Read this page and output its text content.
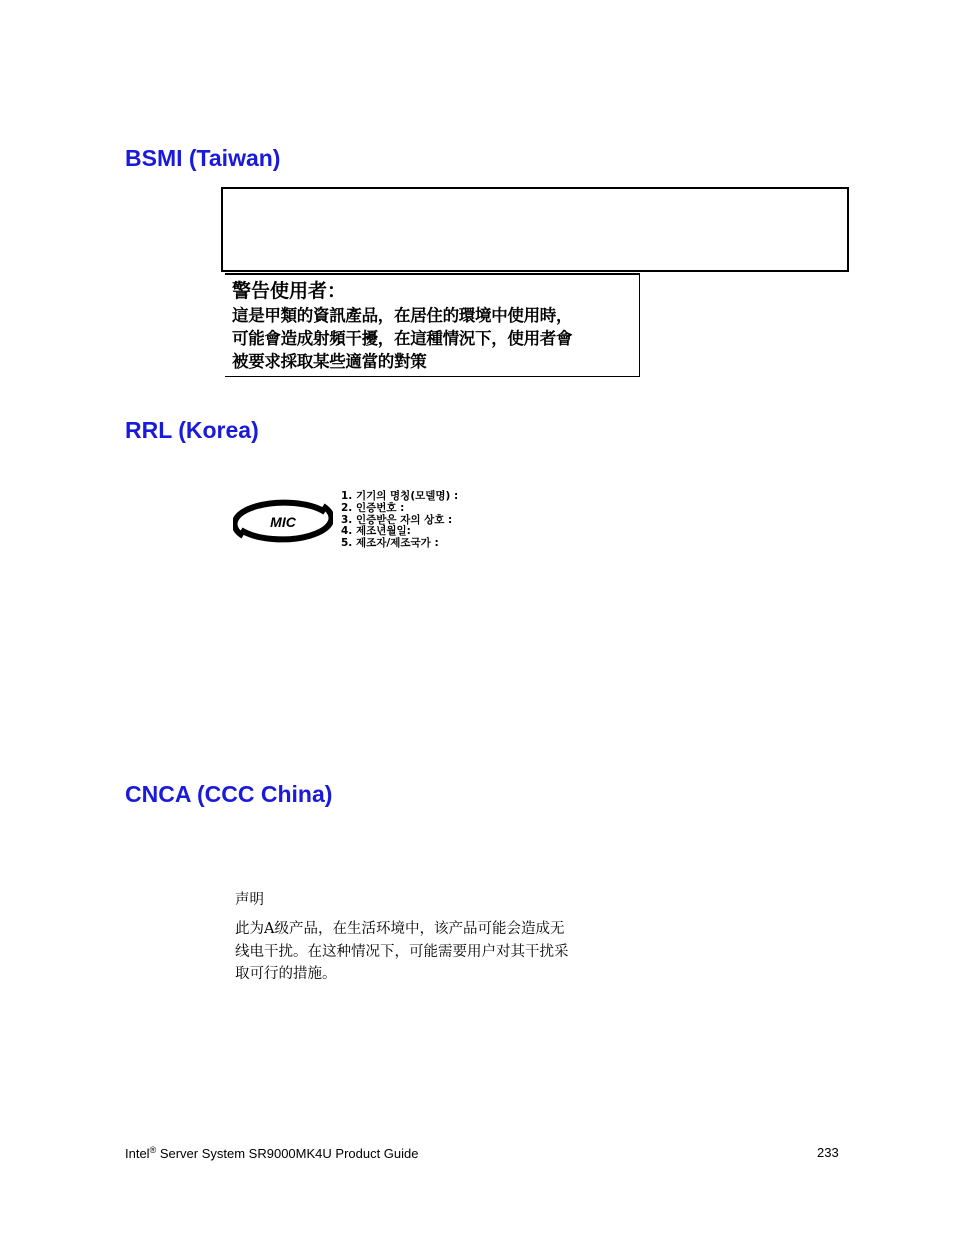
BSMI (Taiwan)
警告使用者：
這是甲類的資訊產品，在居住的環境中使用時，
可能會造成射頻干擾，在這種情況下，使用者會
被要求採取某些適當的對策
RRL (Korea)
MIC
1. 기기의 명칭(모델명) :
2. 인증번호 :
3. 인증받은 자의 상호 :
4. 제조년월일:
5. 제조자/제조국가 :
CNCA (CCC China)
声明
此为A级产品，在生活环境中，该产品可能会造成无
线电干扰。在这种情况下，可能需要用户对其干扰采
取可行的措施。
Intel® Server System SR9000MK4U Product Guide	233
